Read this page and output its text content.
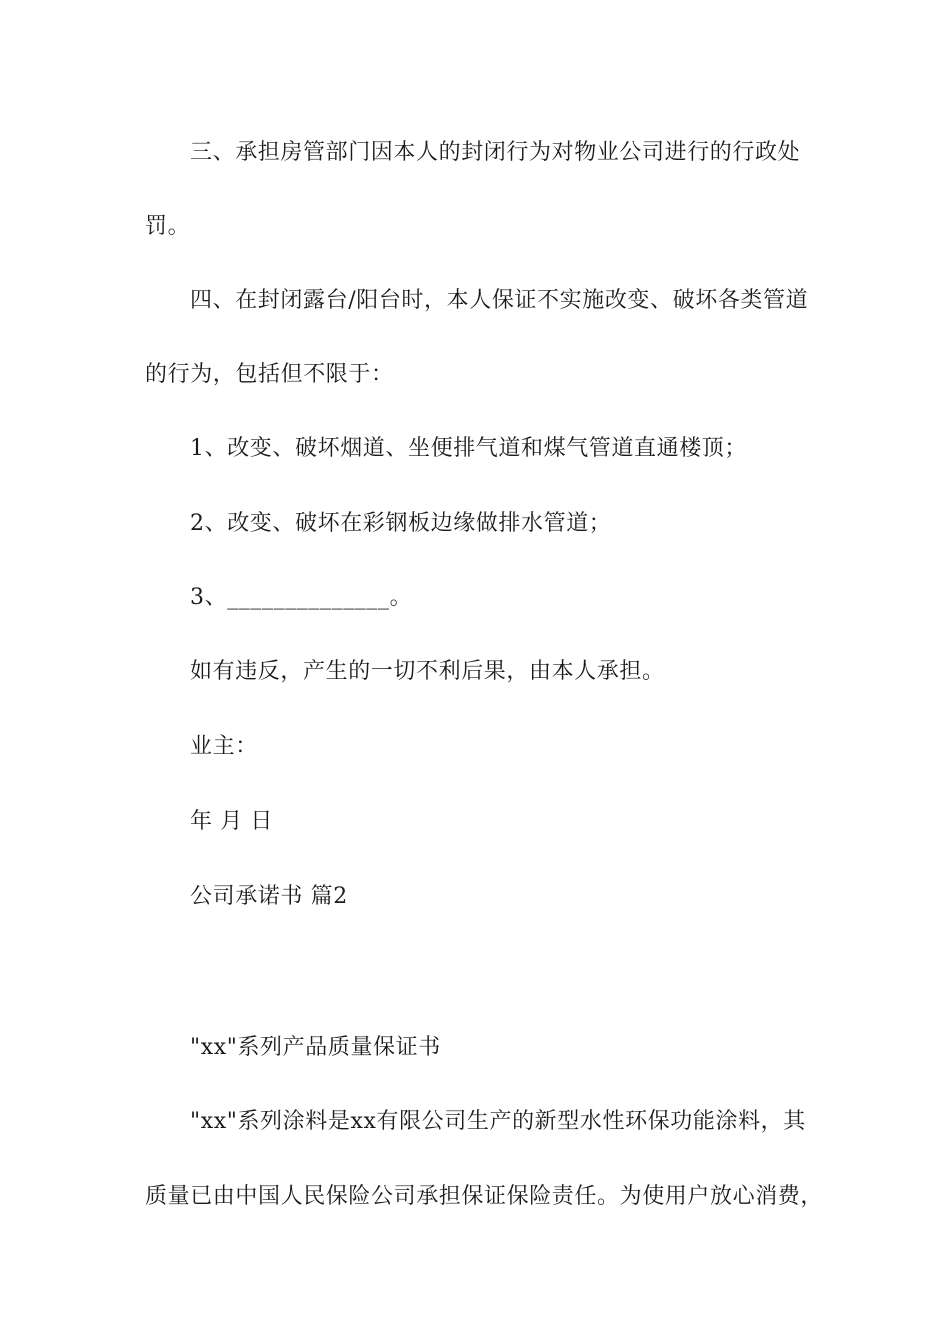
三、承担房管部门因本人的封闭行为对物业公司进行的行政处
罚。
四、在封闭露台/阳台时，本人保证不实施改变、破坏各类管道
的行为，包括但不限于：
1、改变、破坏烟道、坐便排气道和煤气管道直通楼顶；
2、改变、破坏在彩钢板边缘做排水管道；
3、______________。
如有违反，产生的一切不利后果，由本人承担。
业主：
年 月 日
公司承诺书 篇2
"xx"系列产品质量保证书
"xx"系列涂料是xx有限公司生产的新型水性环保功能涂料，其
质量已由中国人民保险公司承担保证保险责任。为使用户放心消费，
